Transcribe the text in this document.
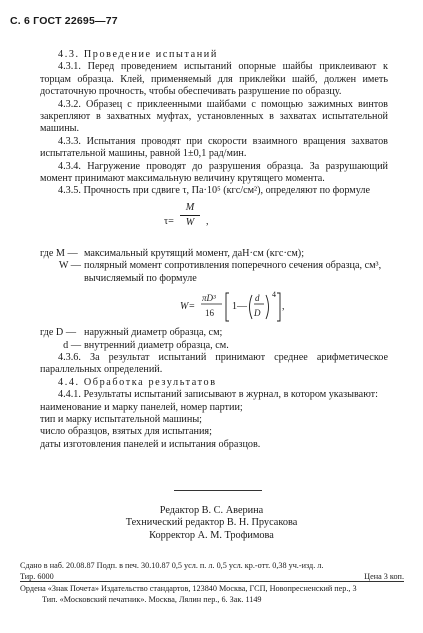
С. 6 ГОСТ 22695—77

4.3. Проведение испытаний

4.3.1. Перед проведением испытаний опорные шайбы приклеивают к торцам образца. Клей, применяемый для приклейки шайб, должен иметь достаточную прочность, чтобы обеспечивать разрушение по образцу.

4.3.2. Образец с приклеенными шайбами с помощью зажимных винтов закрепляют в захватных муфтах, установленных в захватах испытательной машины.

4.3.3. Испытания проводят при скорости взаимного вращения захватов испытательной машины, равной 1±0,1 рад/мин.

4.3.4. Нагружение проводят до разрушения образца. За разрушающий момент принимают максимальную величину крутящего момента.

4.3.5. Прочность при сдвиге τ, Па·10⁵ (кгс/см²), определяют по формуле

$\tau= \frac{M}{W}$ ,
где M — максимальный крутящий момент, даН·см (кгс·см);
W — полярный момент сопротивления поперечного сечения образца, см³, вычисляемый по формуле
W=
πD³
16
1—
d
D
4
,
где D — наружный диаметр образца, см;
d — внутренний диаметр образца, см.

4.3.6. За результат испытаний принимают среднее арифметическое параллельных определений.

4.4. Обработка результатов

4.4.1. Результаты испытаний записывают в журнал, в котором указывают:

наименование и марку панелей, номер партии;

тип и марку испытательной машины;

число образцов, взятых для испытания;

даты изготовления панелей и испытания образцов.

Редактор В. С. Аверина
Технический редактор В. Н. Прусакова
Корректор А. М. Трофимова
Сдано в наб. 20.08.87 Подп. в печ. 30.10.87 0,5 усл. п. л. 0,5 усл. кр.-отт. 0,38 уч.-изд. л.
Тир. 6000	Цена 3 коп.
Ордена «Знак Почета» Издательство стандартов, 123840 Москва, ГСП, Новопресненский пер., 3
Тип. «Московский печатник». Москва, Лялин пер., 6. Зак. 1149
